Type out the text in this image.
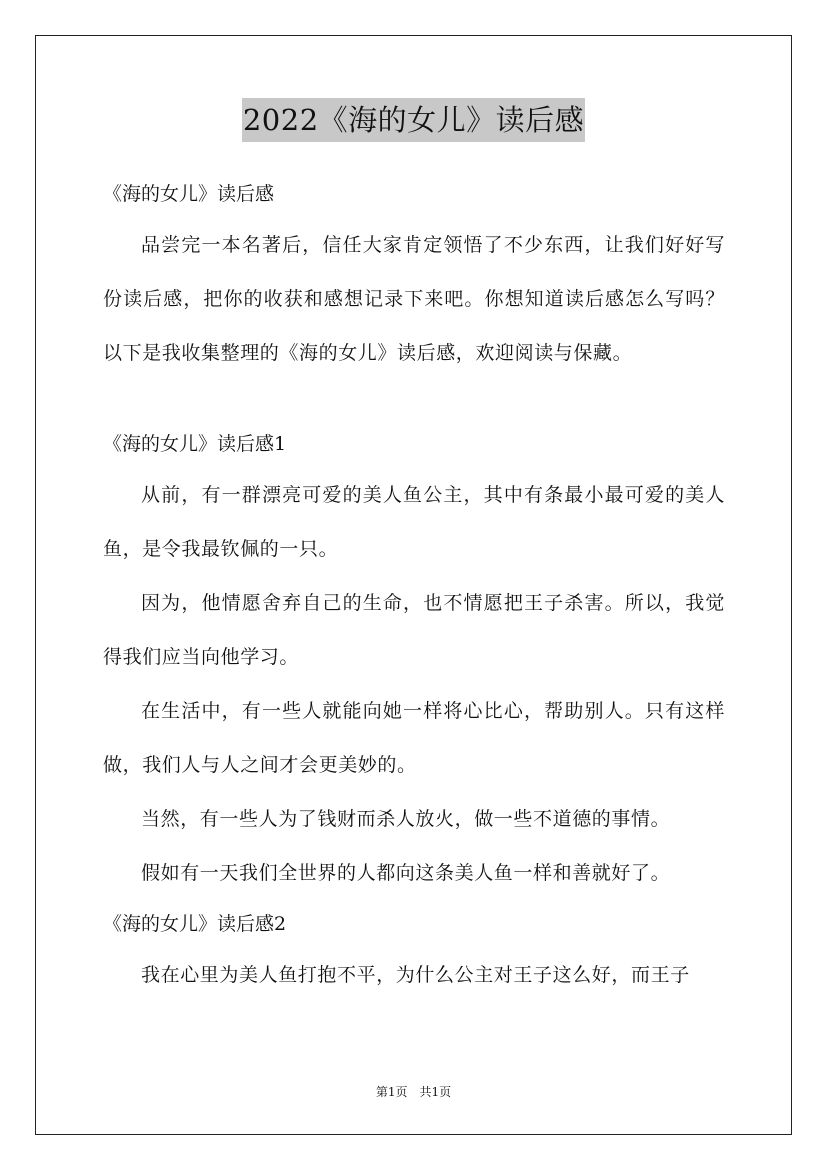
2022《海的女儿》读后感

《海的女儿》读后感

品尝完一本名著后，信任大家肯定领悟了不少东西，让我们好好写份读后感，把你的收获和感想记录下来吧。你想知道读后感怎么写吗？以下是我收集整理的《海的女儿》读后感，欢迎阅读与保藏。

《海的女儿》读后感1

从前，有一群漂亮可爱的美人鱼公主，其中有条最小最可爱的美人鱼，是令我最钦佩的一只。

因为，他情愿舍弃自己的生命，也不情愿把王子杀害。所以，我觉得我们应当向他学习。

在生活中，有一些人就能向她一样将心比心，帮助别人。只有这样做，我们人与人之间才会更美妙的。

当然，有一些人为了钱财而杀人放火，做一些不道德的事情。

假如有一天我们全世界的人都向这条美人鱼一样和善就好了。

《海的女儿》读后感2

我在心里为美人鱼打抱不平，为什么公主对王子这么好，而王子

第1页　共1页
